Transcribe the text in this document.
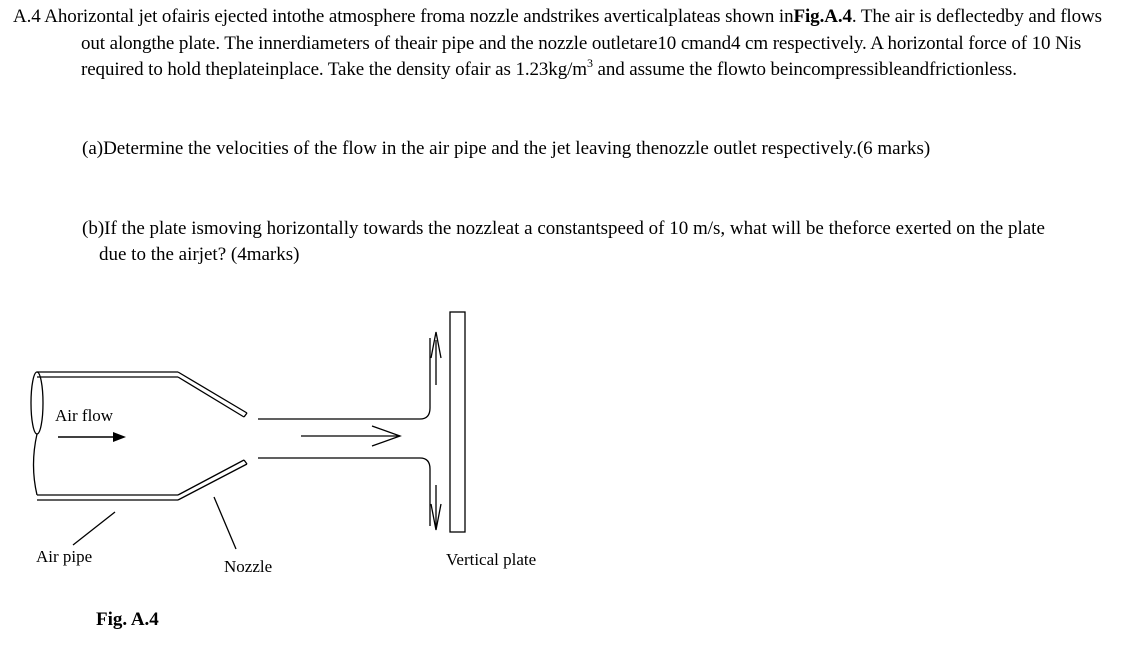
A.4 Ahorizontal jet ofairis ejected intothe atmosphere froma nozzle andstrikes averticalplateas shown inFig.A.4. The air is deflectedby and flows out alongthe plate. The innerdiameters of theair pipe and the nozzle outletare10 cmand4 cm respectively. A horizontal force of 10 Nis required to hold theplateinplace. Take the density ofair as $1.23kg/m^3$ and assume the flowto beincompressibleandfrictionless.
(a)Determine the velocities of the flow in the air pipe and the jet leaving thenozzle outlet respectively.(6 marks)
(b)If the plate ismoving horizontally towards the nozzleat a constantspeed of 10 m/s, what will be theforce exerted on the plate due to the airjet? (4marks)
Air flow
Air pipe
Nozzle	Vertical plate
Fig. A.4
